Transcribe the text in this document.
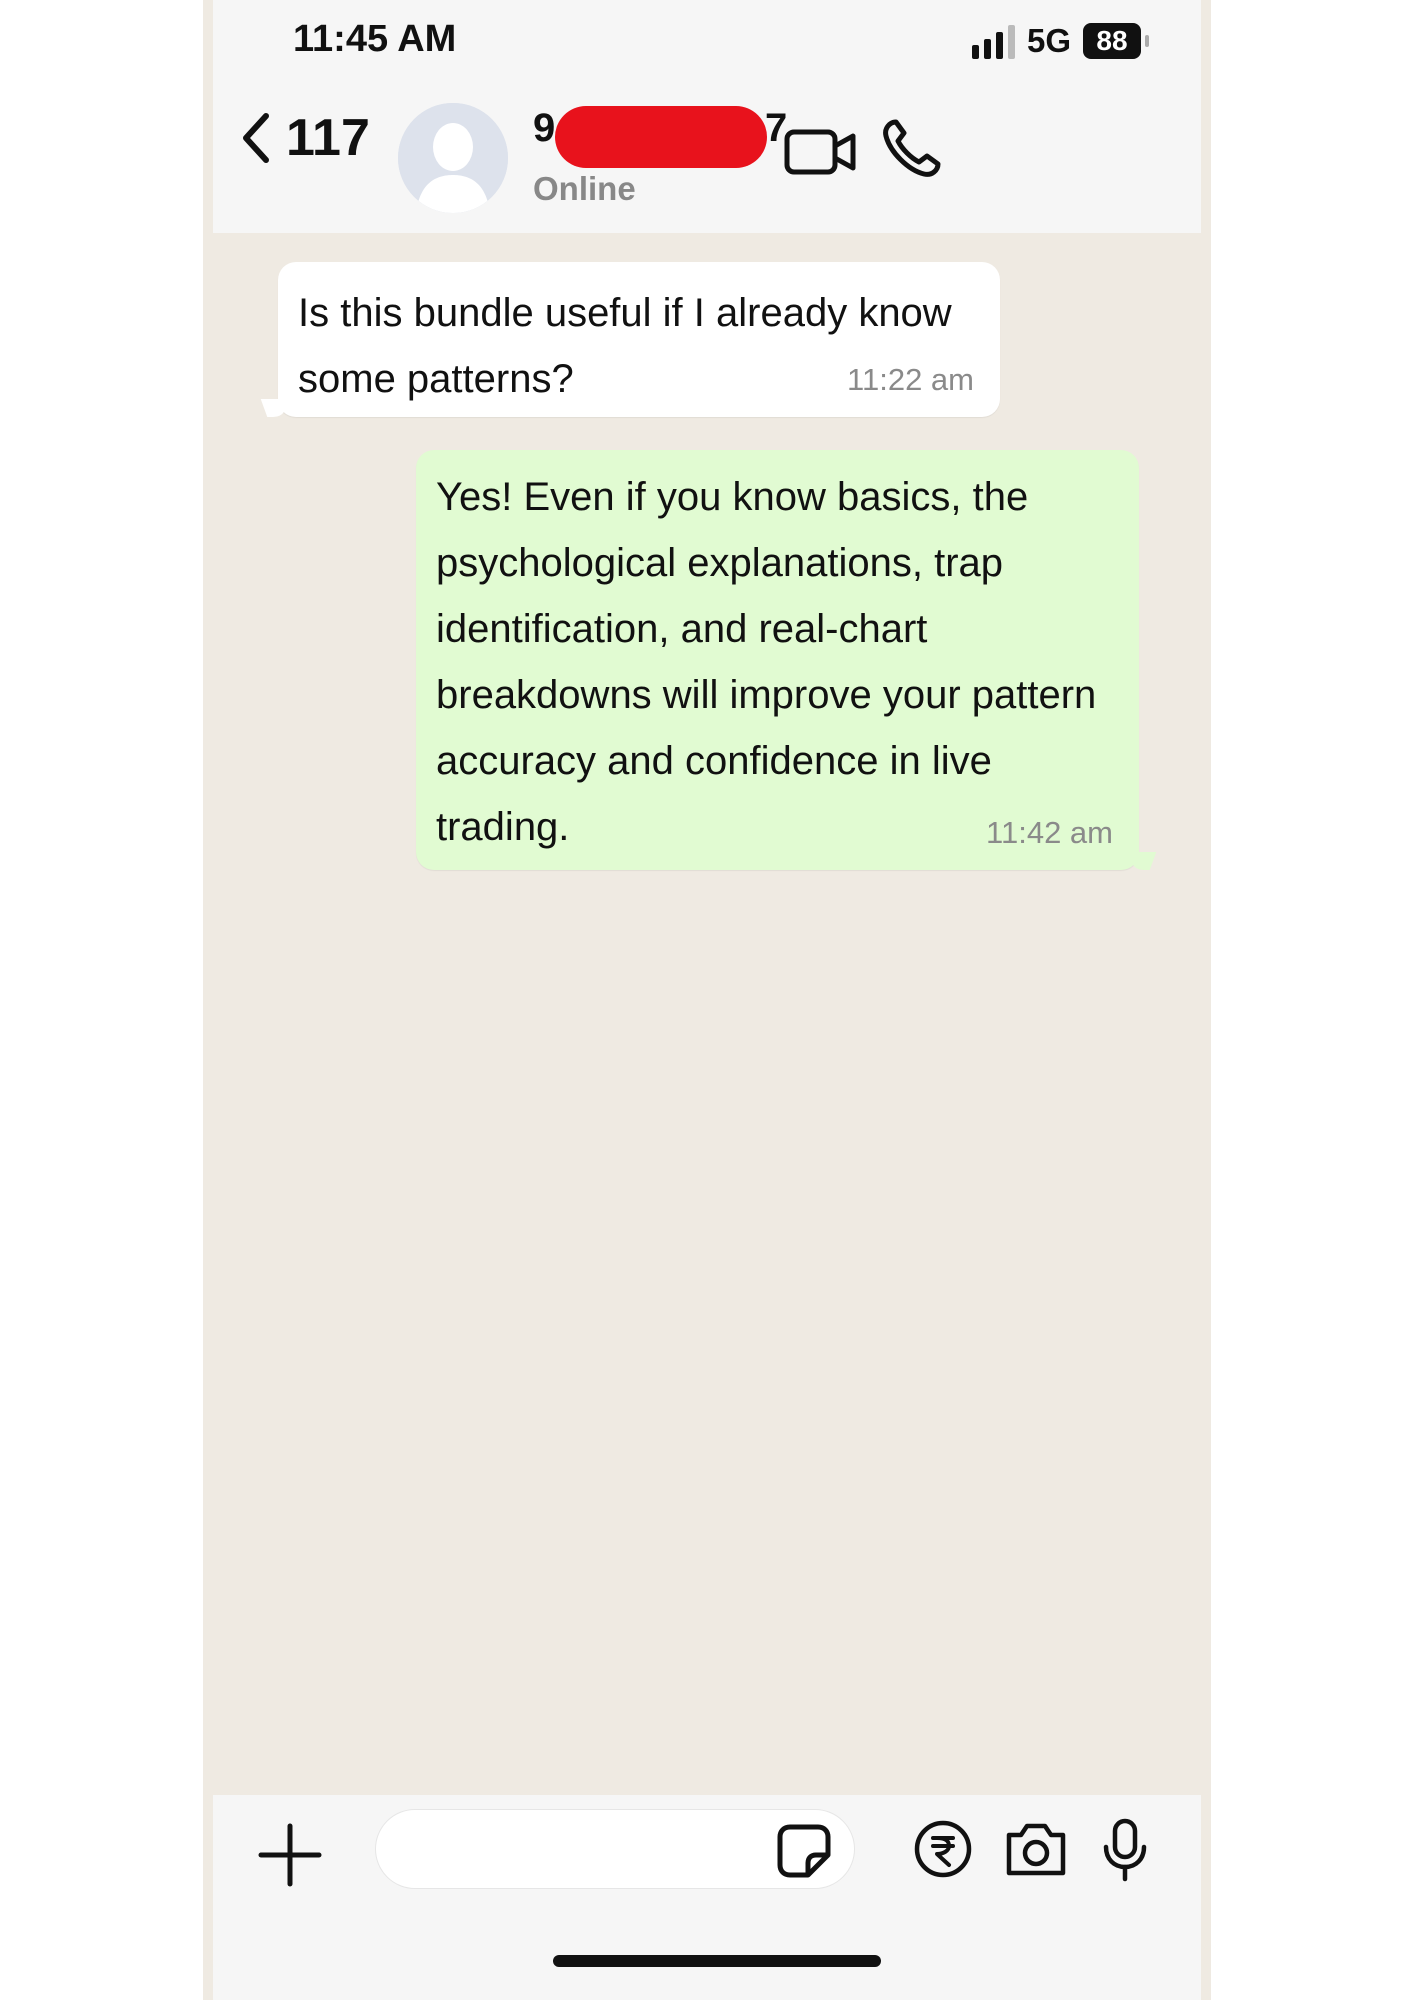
11:45 AM	5G 88
117	9	7
Online
Is this bundle useful if I already know some patterns?	11:22 am
Yes! Even if you know basics, the psychological explanations, trap identification, and real-chart breakdowns will improve your pattern accuracy and confidence in live trading.	11:42 am
